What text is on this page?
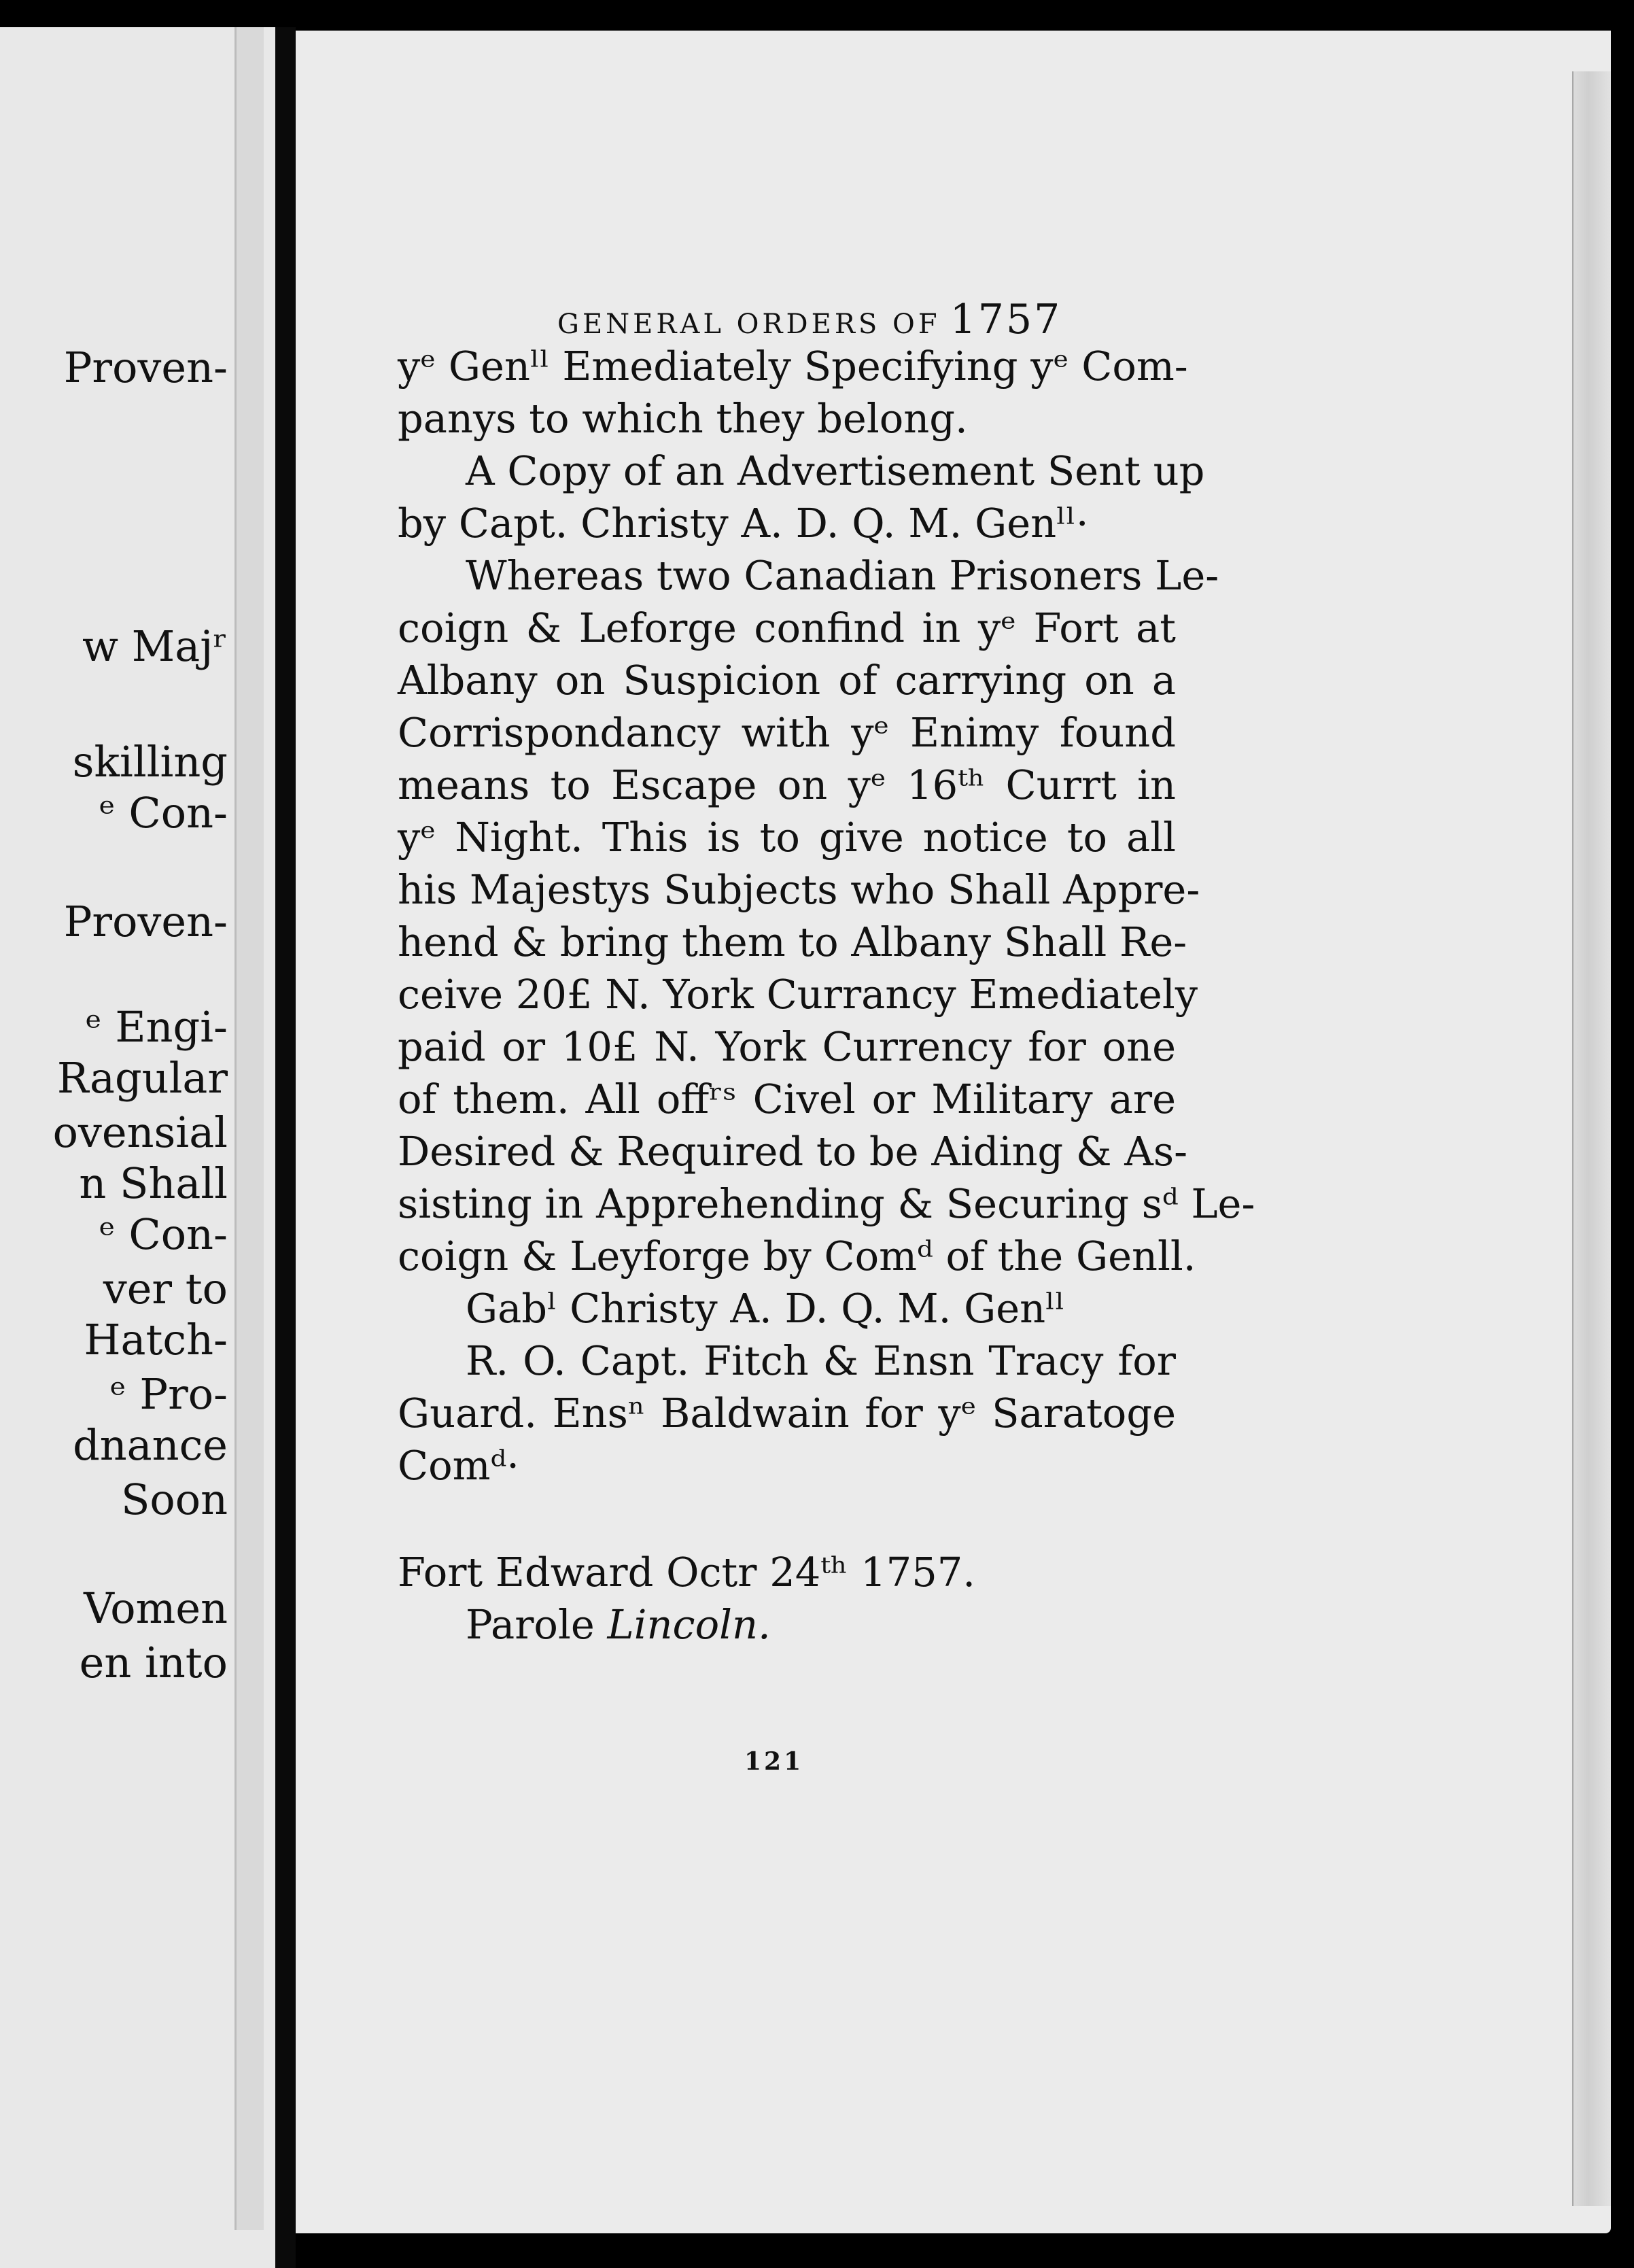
Proven-
w Majʳ
skilling
ᵉ Con-
Proven-
ᵉ Engi-
Ragular
ovensial
n Shall
ᵉ Con-
ver to
Hatch-
ᵉ Pro-
dnance
Soon
Vomen
en into
GENERAL ORDERS OF 1757
yᵉ Genˡˡ Emediately Specifying yᵉ Com-
panys to which they belong.
A Copy of an Advertisement Sent up
by Capt. Christy A. D. Q. M. Genˡˡ·
Whereas two Canadian Prisoners Le-
coign & Leforge confind in yᵉ Fort at
Albany on Suspicion of carrying on a
Corrispondancy with yᵉ Enimy found
means to Escape on yᵉ 16ᵗʰ Currt in
yᵉ Night. This is to give notice to all
his Majestys Subjects who Shall Appre-
hend & bring them to Albany Shall Re-
ceive 20£ N. York Currancy Emediately
paid or 10£ N. York Currency for one
of them. All offʳˢ Civel or Military are
Desired & Required to be Aiding & As-
sisting in Apprehending & Securing sᵈ Le-
coign & Leyforge by Comᵈ of the Genll.
Gabˡ Christy A. D. Q. M. Genˡˡ
R. O. Capt. Fitch & Ensn Tracy for
Guard. Ensⁿ Baldwain for yᵉ Saratoge
Comᵈ·
Fort Edward Octr 24ᵗʰ 1757.
Parole Lincoln.
121
